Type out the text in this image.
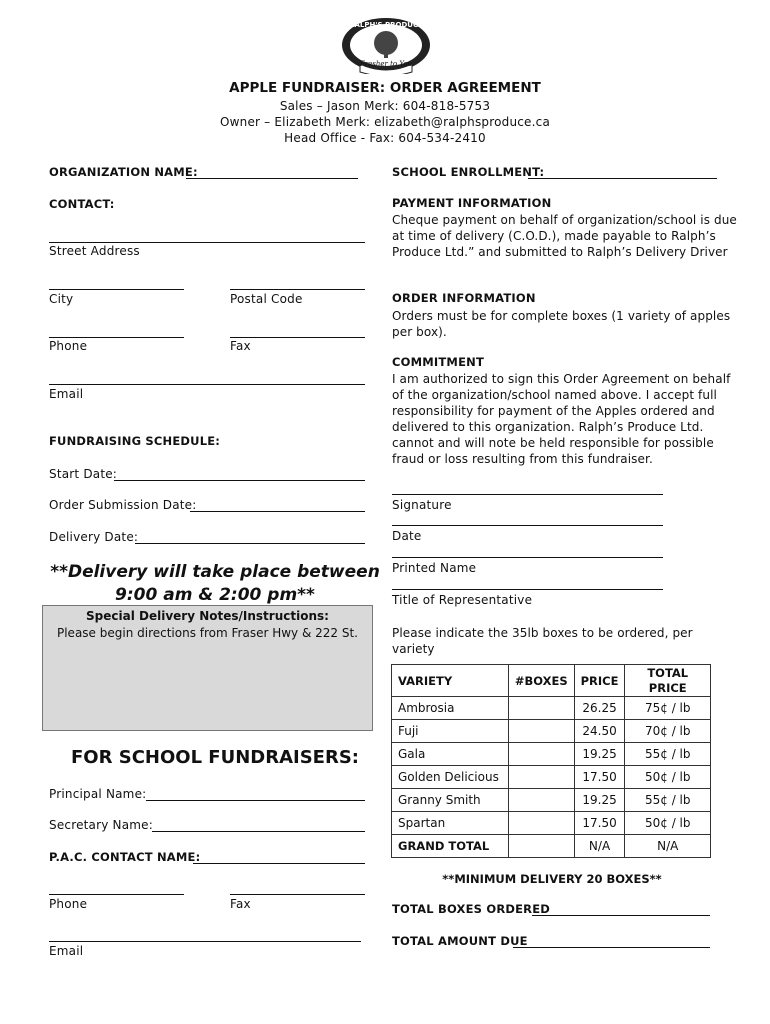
RALPH'S PRODUCE
Fresher to You
APPLE FUNDRAISER: ORDER AGREEMENT
Sales – Jason Merk: 604-818-5753
Owner – Elizabeth Merk: elizabeth@ralphsproduce.ca
Head Office - Fax: 604-534-2410
ORGANIZATION NAME:
CONTACT:
Street Address
City	Postal Code
Phone	Fax
Email
FUNDRAISING SCHEDULE:
Start Date:
Order Submission Date:
Delivery Date:
**Delivery will take place between
9:00 am & 2:00 pm**
Special Delivery Notes/Instructions:
Please begin directions from Fraser Hwy & 222 St.
FOR SCHOOL FUNDRAISERS:
Principal Name:
Secretary Name:
P.A.C. CONTACT NAME:
Phone	Fax
Email
SCHOOL ENROLLMENT:
PAYMENT INFORMATION
Cheque payment on behalf of organization/school is due at time of delivery (C.O.D.), made payable to Ralph’s Produce Ltd.” and submitted to Ralph’s Delivery Driver
ORDER INFORMATION
Orders must be for complete boxes (1 variety of apples per box).
COMMITMENT
I am authorized to sign this Order Agreement on behalf of the organization/school named above. I accept full responsibility for payment of the Apples ordered and delivered to this organization. Ralph’s Produce Ltd. cannot and will note be held responsible for possible fraud or loss resulting from this fundraiser.
Signature
Date
Printed Name
Title of Representative
Please indicate the 35lb boxes to be ordered, per variety
VARIETY	#BOXES	PRICE	TOTAL PRICE
Ambrosia		26.25	75¢ / lb
Fuji		24.50	70¢ / lb
Gala		19.25	55¢ / lb
Golden Delicious		17.50	50¢ / lb
Granny Smith		19.25	55¢ / lb
Spartan		17.50	50¢ / lb
GRAND TOTAL		N/A	N/A
**MINIMUM DELIVERY 20 BOXES**
TOTAL BOXES ORDERED
TOTAL AMOUNT DUE
